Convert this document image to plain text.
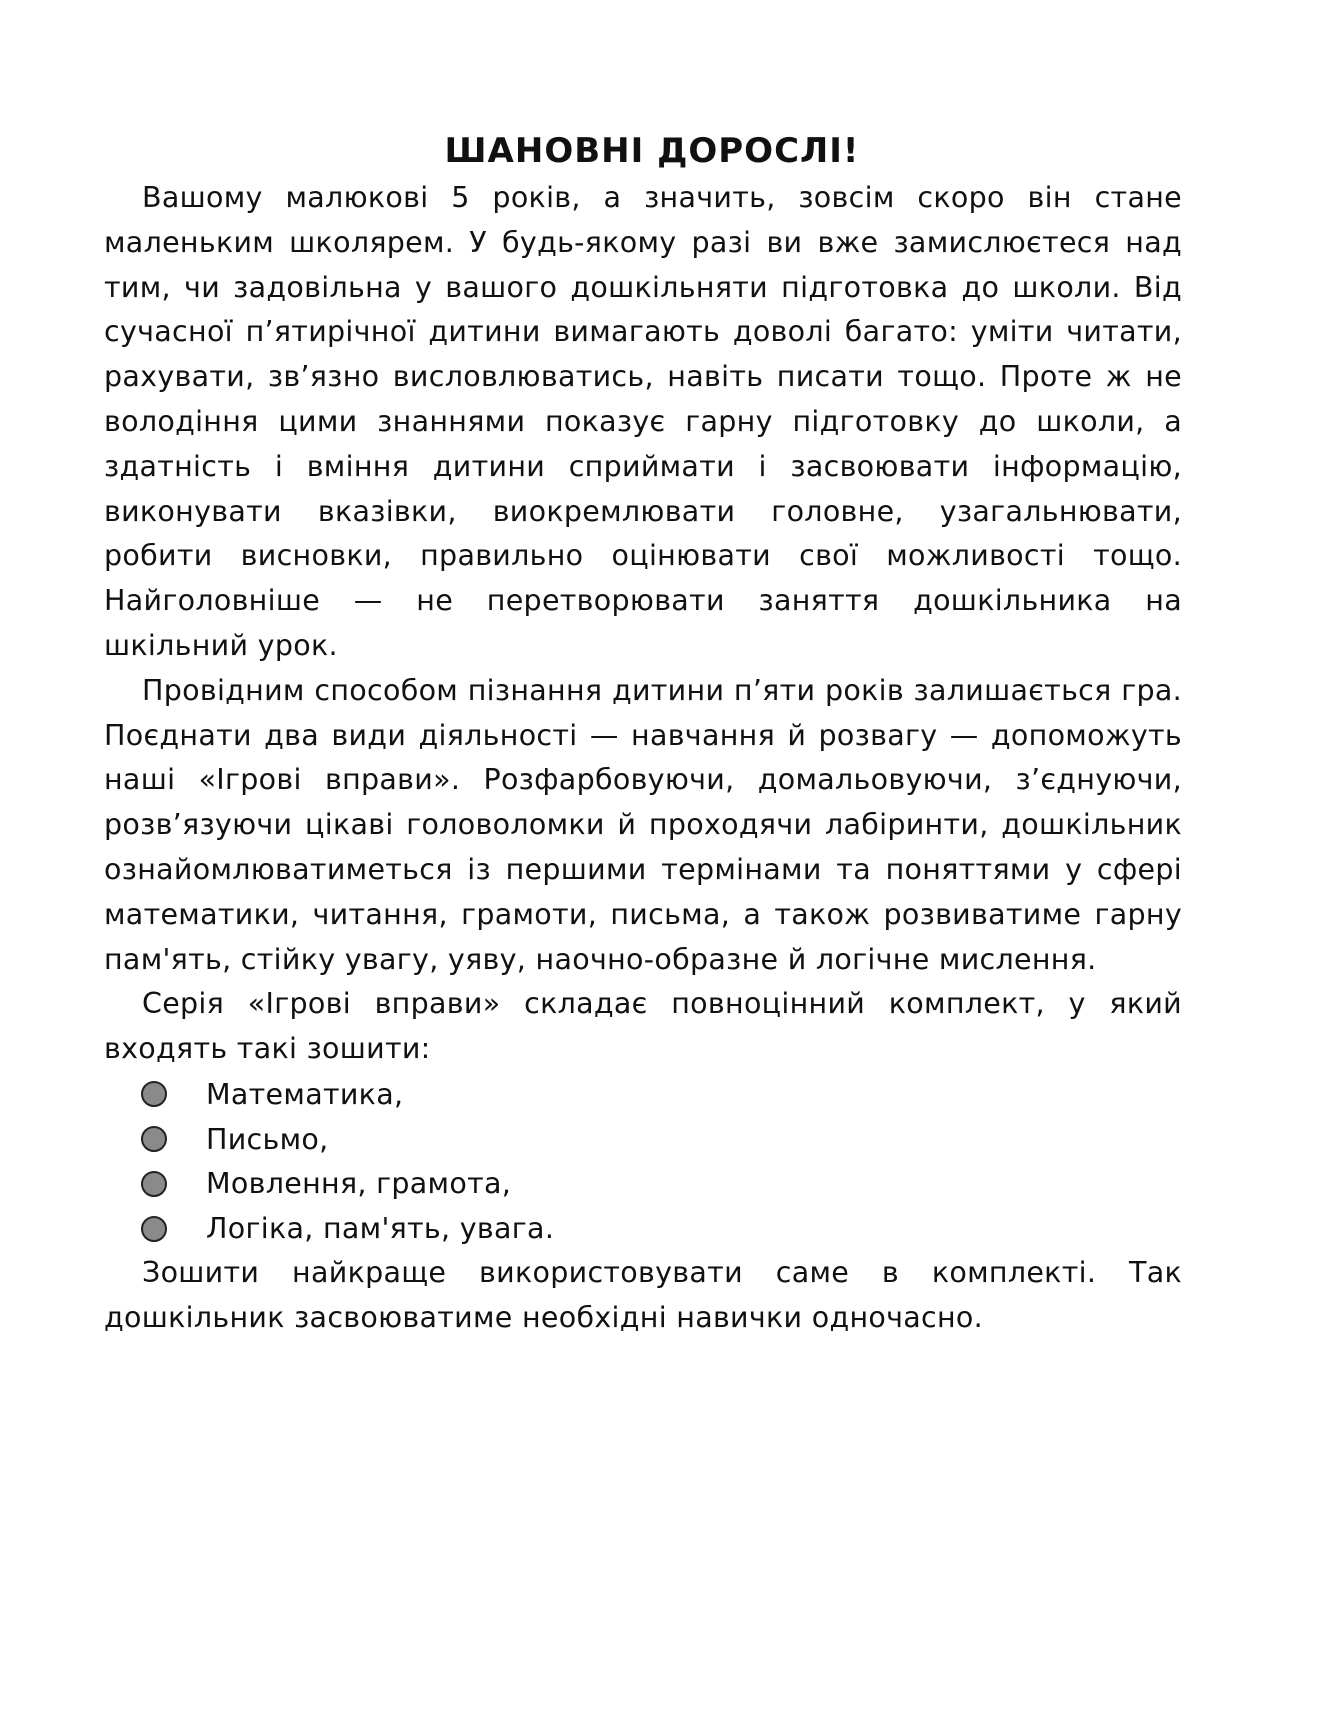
ШАНОВНІ ДОРОСЛІ!

Вашому малюкові 5 років, а значить, зовсім скоро він стане маленьким школярем. У будь-якому разі ви вже замислюєтеся над тим, чи задовільна у вашого дошкільняти підготовка до школи. Від сучасної п’ятирічної дитини вимагають доволі багато: уміти читати, рахувати, зв’язно висловлюватись, навіть писати тощо. Проте ж не володіння цими знаннями показує гарну підготовку до школи, а здатність і вміння дитини сприймати і засвоювати інформацію, виконувати вказівки, виокремлювати головне, узагальнювати, робити висновки, правильно оцінювати свої можливості тощо. Найголовніше — не перетворювати заняття дошкільника на шкільний урок.

Провідним способом пізнання дитини п’яти років залишається гра. Поєднати два види діяльності — навчання й розвагу — допоможуть наші «Ігрові вправи». Розфарбовуючи, домальовуючи, з’єднуючи, розв’язуючи цікаві головоломки й проходячи лабіринти, дошкільник ознайомлюватиметься із першими термінами та поняттями у сфері математики, читання, грамоти, письма, а також розвиватиме гарну пам'ять, стійку увагу, уяву, наочно-образне й логічне мислення.

Серія «Ігрові вправи» складає повноцінний комплект, у який входять такі зошити:

Математика,
Письмо,
Мовлення, грамота,
Логіка, пам'ять, увага.

Зошити найкраще використовувати саме в комплекті. Так дошкільник засвоюватиме необхідні навички одночасно.
